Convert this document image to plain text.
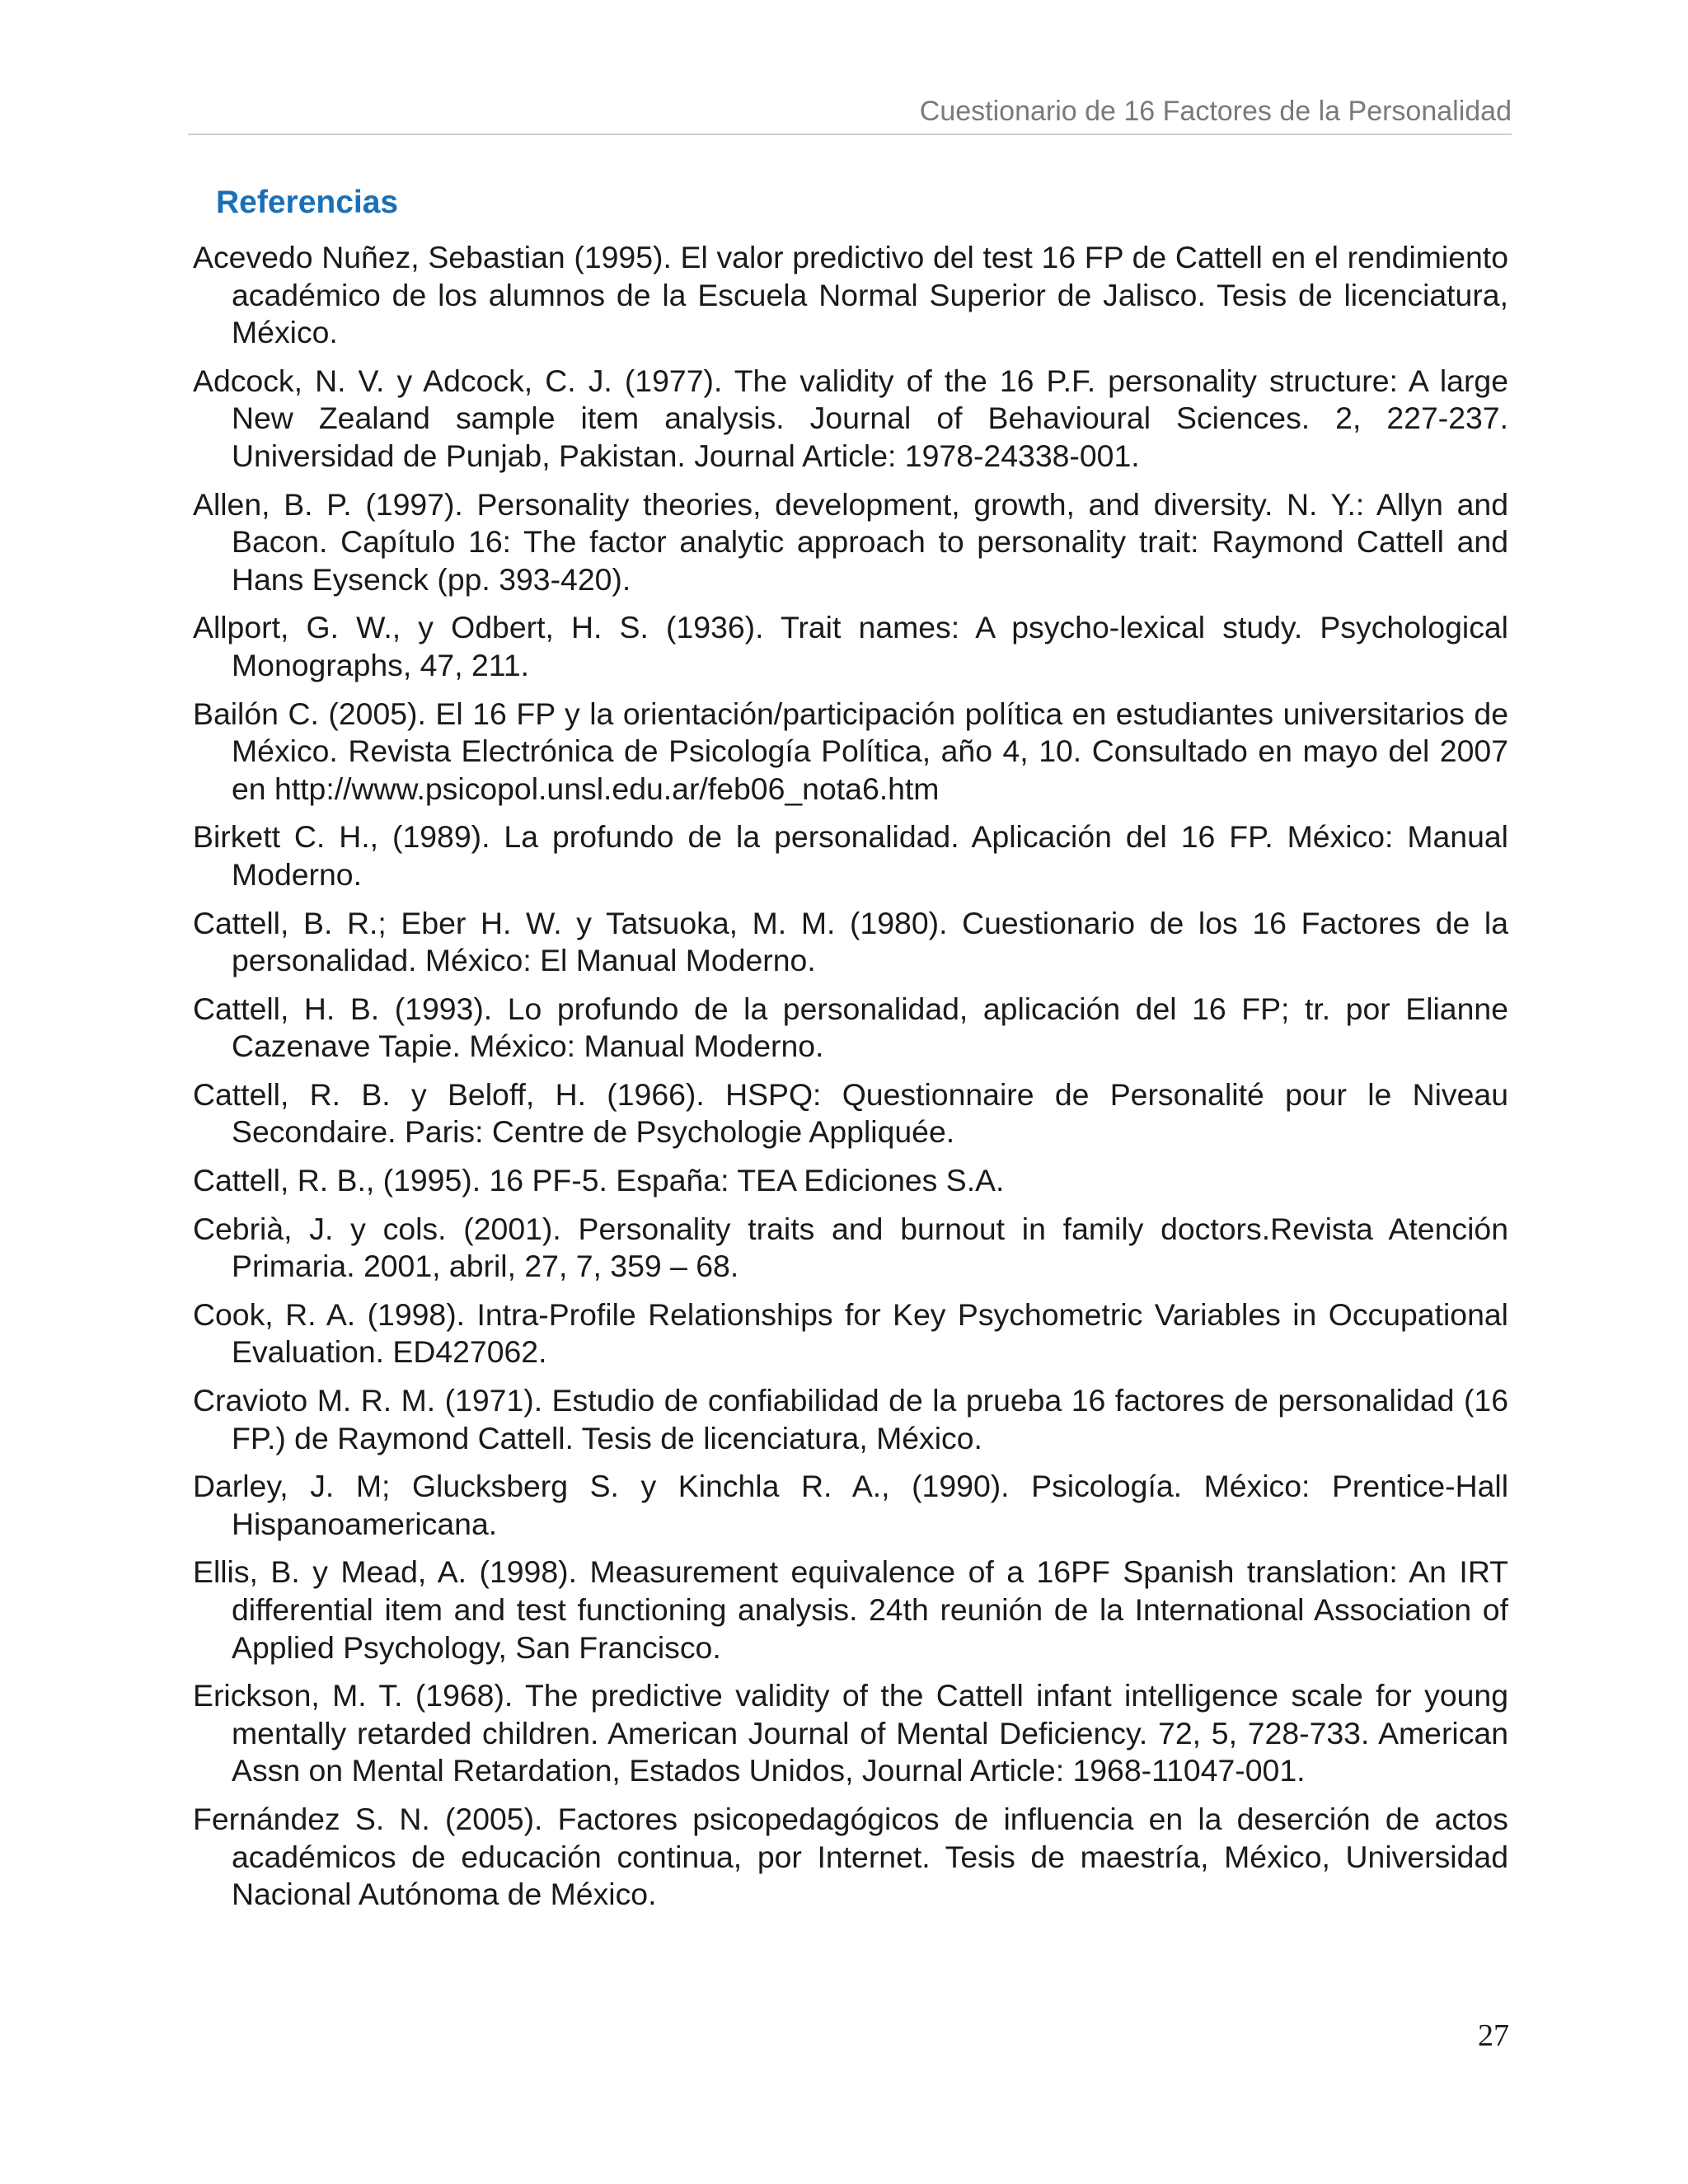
Cuestionario de 16 Factores de la Personalidad
Referencias
Acevedo Nuñez, Sebastian (1995). El valor predictivo del test 16 FP de Cattell en el rendimiento académico de los alumnos de la Escuela Normal Superior de Jalisco. Tesis de licenciatura, México.
Adcock, N. V. y Adcock, C. J. (1977). The validity of the 16 P.F. personality structure: A large New Zealand sample item analysis. Journal of Behavioural Sciences. 2, 227-237. Universidad de Punjab, Pakistan. Journal Article: 1978-24338-001.
Allen, B. P. (1997). Personality theories, development, growth, and diversity. N. Y.: Allyn and Bacon. Capítulo 16: The factor analytic approach to personality trait: Raymond Cattell and Hans Eysenck (pp. 393-420).
Allport, G. W., y Odbert, H. S. (1936). Trait names: A psycho-lexical study. Psychological Monographs, 47, 211.
Bailón C. (2005). El 16 FP y la orientación/participación política en estudiantes universitarios de México. Revista Electrónica de Psicología Política, año 4, 10. Consultado en mayo del 2007 en http://www.psicopol.unsl.edu.ar/feb06_nota6.htm
Birkett C. H., (1989). La profundo de la personalidad. Aplicación del 16 FP. México: Manual Moderno.
Cattell, B. R.; Eber H. W. y Tatsuoka, M. M. (1980). Cuestionario de los 16 Factores de la personalidad. México: El Manual Moderno.
Cattell, H. B. (1993). Lo profundo de la personalidad, aplicación del 16 FP; tr. por Elianne Cazenave Tapie. México: Manual Moderno.
Cattell, R. B. y Beloff, H. (1966). HSPQ: Questionnaire de Personalité pour le Niveau Secondaire. Paris: Centre de Psychologie Appliquée.
Cattell, R. B., (1995). 16 PF-5. España: TEA Ediciones S.A.
Cebrià, J. y cols. (2001). Personality traits and burnout in family doctors.Revista Atención Primaria. 2001, abril, 27, 7, 359 – 68.
Cook, R. A. (1998). Intra-Profile Relationships for Key Psychometric Variables in Occupational Evaluation. ED427062.
Cravioto M. R. M. (1971). Estudio de confiabilidad de la prueba 16 factores de personalidad (16 FP.) de Raymond Cattell. Tesis de licenciatura, México.
Darley, J. M; Glucksberg S. y Kinchla R. A., (1990). Psicología. México: Prentice-Hall Hispanoamericana.
Ellis, B. y Mead, A. (1998). Measurement equivalence of a 16PF Spanish translation: An IRT differential item and test functioning analysis. 24th reunión de la International Association of Applied Psychology, San Francisco.
Erickson, M. T. (1968). The predictive validity of the Cattell infant intelligence scale for young mentally retarded children. American Journal of Mental Deficiency. 72, 5, 728-733. American Assn on Mental Retardation, Estados Unidos, Journal Article: 1968-11047-001.
Fernández S. N. (2005). Factores psicopedagógicos de influencia en la deserción de actos académicos de educación continua, por Internet. Tesis de maestría, México, Universidad Nacional Autónoma de México.
27
